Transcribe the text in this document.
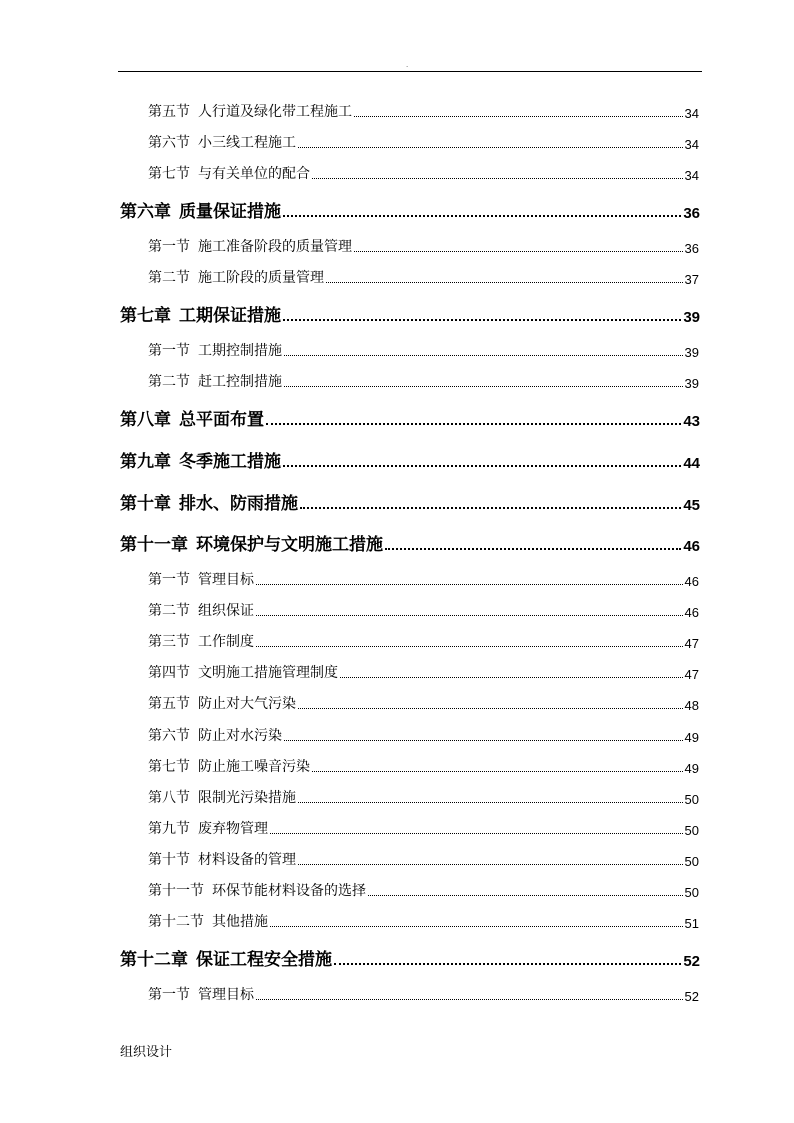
.
第五节 人行道及绿化带工程施工	34
第六节 小三线工程施工	34
第七节 与有关单位的配合	34
第六章 质量保证措施	36
第一节 施工准备阶段的质量管理	36
第二节 施工阶段的质量管理	37
第七章 工期保证措施	39
第一节 工期控制措施	39
第二节 赶工控制措施	39
第八章 总平面布置	43
第九章 冬季施工措施	44
第十章 排水、防雨措施	45
第十一章 环境保护与文明施工措施	46
第一节 管理目标	46
第二节 组织保证	46
第三节 工作制度	47
第四节 文明施工措施管理制度	47
第五节 防止对大气污染	48
第六节 防止对水污染	49
第七节 防止施工噪音污染	49
第八节 限制光污染措施	50
第九节 废弃物管理	50
第十节 材料设备的管理	50
第十一节 环保节能材料设备的选择	50
第十二节 其他措施	51
第十二章 保证工程安全措施	52
第一节 管理目标	52
组织设计
